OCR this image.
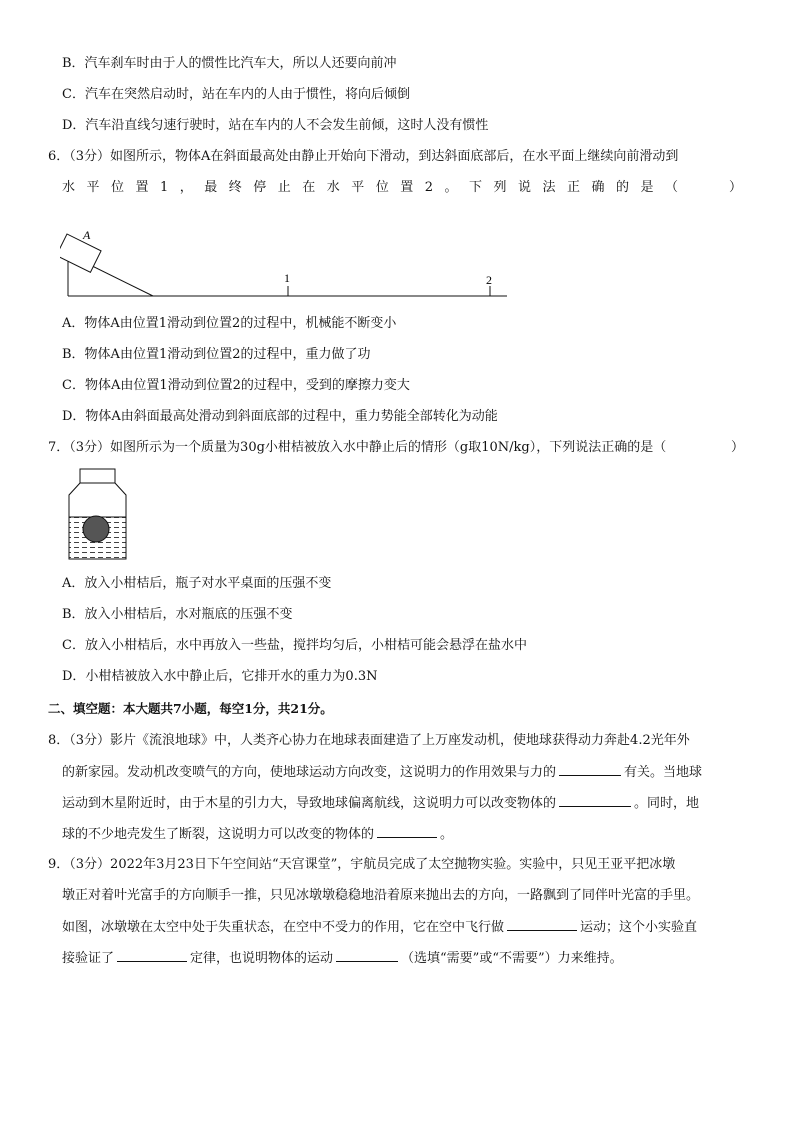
B．汽车刹车时由于人的惯性比汽车大，所以人还要向前冲
C．汽车在突然启动时，站在车内的人由于惯性，将向后倾倒
D．汽车沿直线匀速行驶时，站在车内的人不会发生前倾，这时人没有惯性
6．（3分）如图所示，物体A在斜面最高处由静止开始向下滑动，到达斜面底部后，在水平面上继续向前滑动到
水平位置1，最终停止在水平位置2。下列说法正确的是（	）
A
1	2
A．物体A由位置1滑动到位置2的过程中，机械能不断变小
B．物体A由位置1滑动到位置2的过程中，重力做了功
C．物体A由位置1滑动到位置2的过程中，受到的摩擦力变大
D．物体A由斜面最高处滑动到斜面底部的过程中，重力势能全部转化为动能
7．（3分）如图所示为一个质量为30g小柑桔被放入水中静止后的情形（g取10N/kg），下列说法正确的是（	）
A．放入小柑桔后，瓶子对水平桌面的压强不变
B．放入小柑桔后，水对瓶底的压强不变
C．放入小柑桔后，水中再放入一些盐，搅拌均匀后，小柑桔可能会悬浮在盐水中
D．小柑桔被放入水中静止后，它排开水的重力为0.3N
二、填空题：本大题共7小题，每空1分，共21分。
8．（3分）影片《流浪地球》中，人类齐心协力在地球表面建造了上万座发动机，使地球获得动力奔赴4.2光年外
的新家园。发动机改变喷气的方向，使地球运动方向改变，这说明力的作用效果与力的	有关。当地球
运动到木星附近时，由于木星的引力大，导致地球偏离航线，这说明力可以改变物体的	。同时，地
球的不少地壳发生了断裂，这说明力可以改变的物体的	。
9．（3分）2022年3月23日下午空间站“天宫课堂”，宇航员完成了太空抛物实验。实验中，只见王亚平把冰墩
墩正对着叶光富手的方向顺手一推，只见冰墩墩稳稳地沿着原来抛出去的方向，一路飘到了同伴叶光富的手里。
如图，冰墩墩在太空中处于失重状态，在空中不受力的作用，它在空中飞行做	运动；这个小实验直
接验证了	定律，也说明物体的运动	（选填“需要”或“不需要”）力来维持。
